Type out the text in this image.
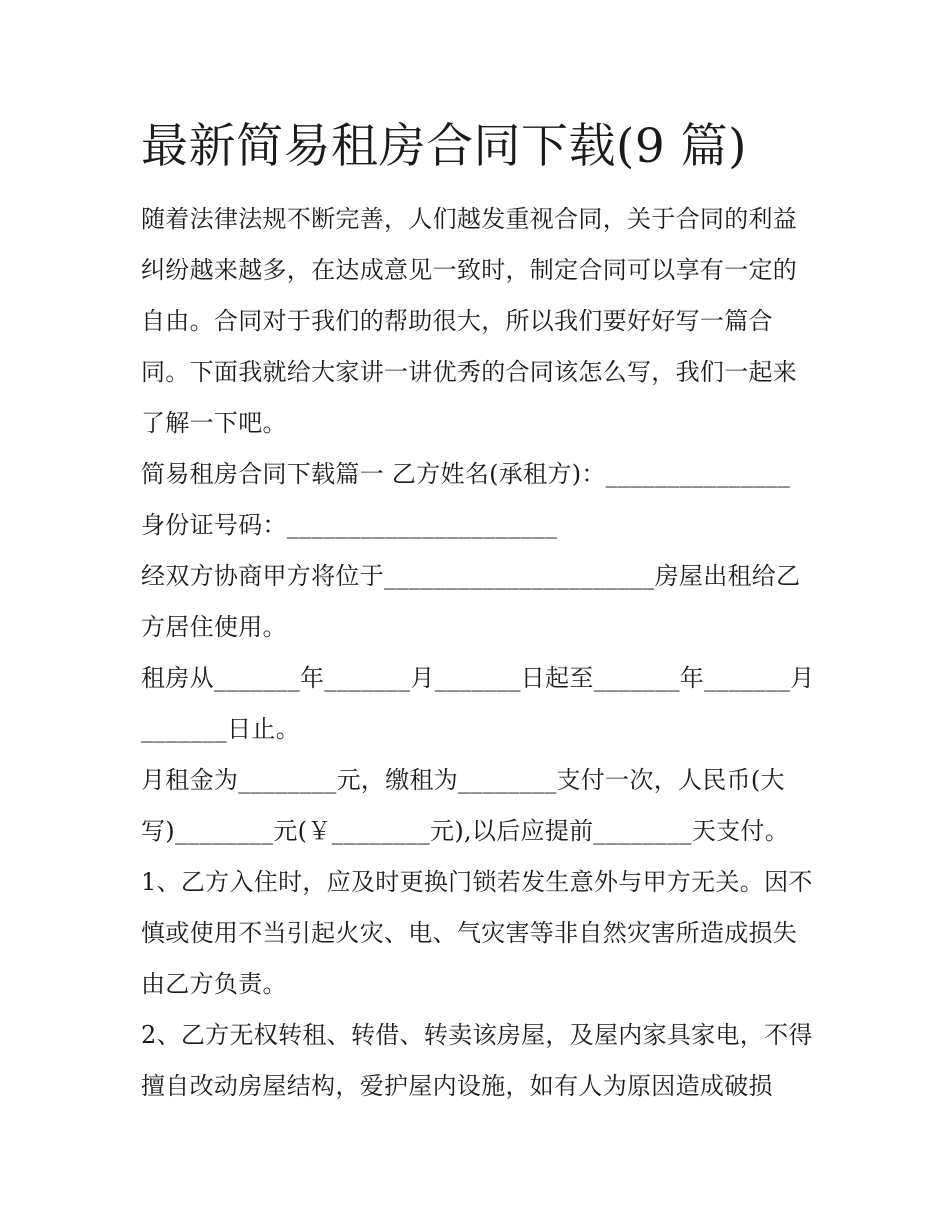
最新简易租房合同下载(9 篇)

随着法律法规不断完善，人们越发重视合同，关于合同的利益纠纷越来越多，在达成意见一致时，制定合同可以享有一定的自由。合同对于我们的帮助很大，所以我们要好好写一篇合同。下面我就给大家讲一讲优秀的合同该怎么写，我们一起来了解一下吧。

简易租房合同下载篇一 乙方姓名(承租方)：_______________

身份证号码：______________________

经双方协商甲方将位于______________________房屋出租给乙方居住使用。

租房从_______年_______月_______日起至_______年_______月_______日止。

月租金为________元，缴租为________支付一次，人民币(大写)________元(￥________元),以后应提前________天支付。

1、乙方入住时，应及时更换门锁若发生意外与甲方无关。因不慎或使用不当引起火灾、电、气灾害等非自然灾害所造成损失由乙方负责。

2、乙方无权转租、转借、转卖该房屋，及屋内家具家电，不得擅自改动房屋结构，爱护屋内设施，如有人为原因造成破损
